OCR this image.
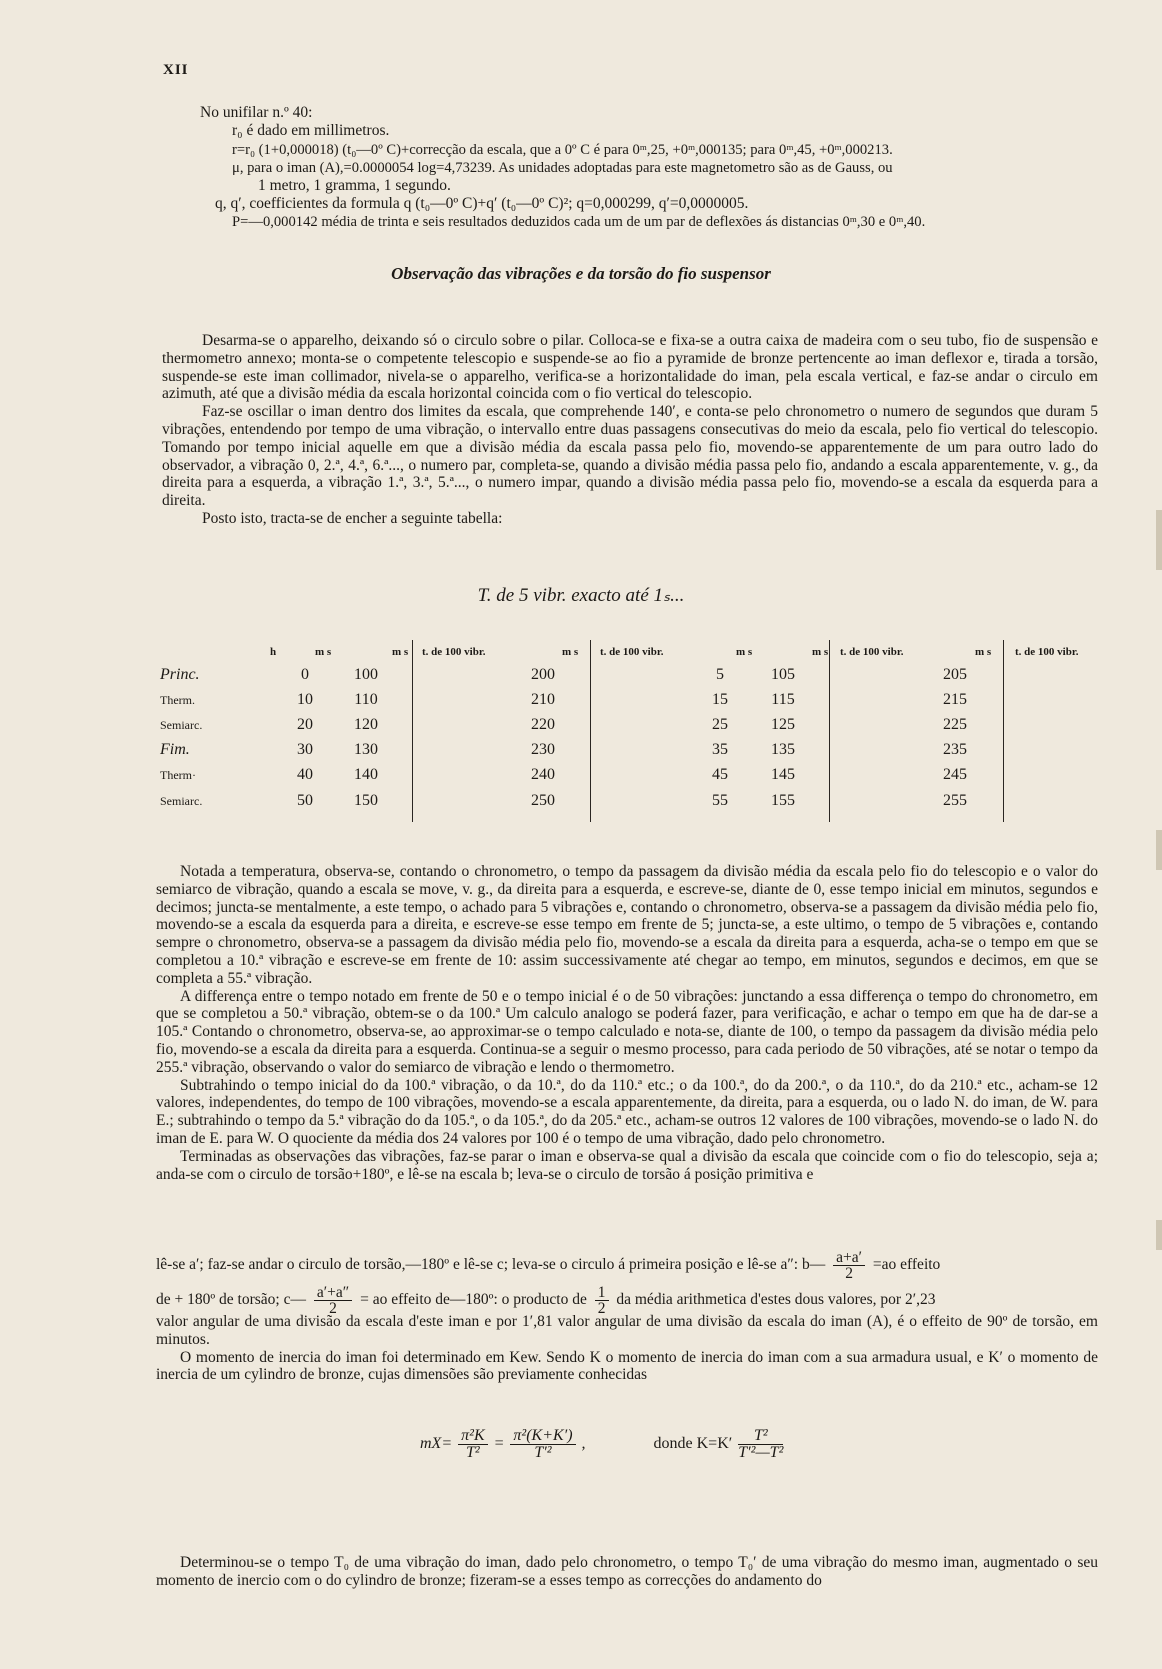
XII
No unifilar n.º 40:
r₀ é dado em millimetros.
r=r₀ (1+0,000018) (t₀—0º C)+correcção da escala, que a 0º C é para 0ᵐ,25, +0ᵐ,000135; para 0ᵐ,45, +0ᵐ,000213.
μ, para o iman (A),=0.0000054 log=4,73239. As unidades adoptadas para este magnetometro são as de Gauss, ou
1 metro, 1 gramma, 1 segundo.
q, q′, coefficientes da formula q (t₀—0º C)+q′ (t₀—0º C)²; q=0,000299, q′=0,0000005.
P=—0,000142 média de trinta e seis resultados deduzidos cada um de um par de deflexões ás distancias 0ᵐ,30 e 0ᵐ,40.
Observação das vibrações e da torsão do fio suspensor

Desarma-se o apparelho, deixando só o circulo sobre o pilar. Colloca-se e fixa-se a outra caixa de madeira com o seu tubo, fio de suspensão e thermometro annexo; monta-se o competente telescopio e suspende-se ao fio a pyramide de bronze pertencente ao iman deflexor e, tirada a torsão, suspende-se este iman collimador, nivela-se o apparelho, verifica-se a horizontalidade do iman, pela escala vertical, e faz-se andar o circulo em azimuth, até que a divisão média da escala horizontal coincida com o fio vertical do telescopio.

Faz-se oscillar o iman dentro dos limites da escala, que comprehende 140′, e conta-se pelo chronometro o numero de segundos que duram 5 vibrações, entendendo por tempo de uma vibração, o intervallo entre duas passagens consecutivas do meio da escala, pelo fio vertical do telescopio. Tomando por tempo inicial aquelle em que a divisão média da escala passa pelo fio, movendo-se apparentemente de um para outro lado do observador, a vibração 0, 2.ª, 4.ª, 6.ª..., o numero par, completa-se, quando a divisão média passa pelo fio, andando a escala apparentemente, v. g., da direita para a esquerda, a vibração 1.ª, 3.ª, 5.ª..., o numero impar, quando a divisão média passa pelo fio, movendo-se a escala da esquerda para a direita.

Posto isto, tracta-se de encher a seguinte tabella:

T. de 5 vibr. exacto até 1ₛ...
h	m s	m s t. de 100 vibr.	m s t. de 100 vibr.	m s	m s t. de 100 vibr.	m s t. de 100 vibr.
Princ.	0	100	200	5	105	205
Therm.	10	110	210	15	115	215
Semiarc.	20	120	220	25	125	225
Fim.	30	130	230	35	135	235
Therm·	40	140	240	45	145	245
Semiarc.	50	150	250	55	155	255

Notada a temperatura, observa-se, contando o chronometro, o tempo da passagem da divisão média da escala pelo fio do telescopio e o valor do semiarco de vibração, quando a escala se move, v. g., da direita para a esquerda, e escreve-se, diante de 0, esse tempo inicial em minutos, segundos e decimos; juncta-se mentalmente, a este tempo, o achado para 5 vibrações e, contando o chronometro, observa-se a passagem da divisão média pelo fio, movendo-se a escala da esquerda para a direita, e escreve-se esse tempo em frente de 5; juncta-se, a este ultimo, o tempo de 5 vibrações e, contando sempre o chronometro, observa-se a passagem da divisão média pelo fio, movendo-se a escala da direita para a esquerda, acha-se o tempo em que se completou a 10.ª vibração e escreve-se em frente de 10: assim successivamente até chegar ao tempo, em minutos, segundos e decimos, em que se completa a 55.ª vibração.

A differença entre o tempo notado em frente de 50 e o tempo inicial é o de 50 vibrações: junctando a essa differença o tempo do chronometro, em que se completou a 50.ª vibração, obtem-se o da 100.ª Um calculo analogo se poderá fazer, para verificação, e achar o tempo em que ha de dar-se a 105.ª Contando o chronometro, observa-se, ao approximar-se o tempo calculado e nota-se, diante de 100, o tempo da passagem da divisão média pelo fio, movendo-se a escala da direita para a esquerda. Continua-se a seguir o mesmo processo, para cada periodo de 50 vibrações, até se notar o tempo da 255.ª vibração, observando o valor do semiarco de vibração e lendo o thermometro.

Subtrahindo o tempo inicial do da 100.ª vibração, o da 10.ª, do da 110.ª etc.; o da 100.ª, do da 200.ª, o da 110.ª, do da 210.ª etc., acham-se 12 valores, independentes, do tempo de 100 vibrações, movendo-se a escala apparentemente, da direita, para a esquerda, ou o lado N. do iman, de W. para E.; subtrahindo o tempo da 5.ª vibração do da 105.ª, o da 105.ª, do da 205.ª etc., acham-se outros 12 valores de 100 vibrações, movendo-se o lado N. do iman de E. para W. O quociente da média dos 24 valores por 100 é o tempo de uma vibração, dado pelo chronometro.

Terminadas as observações das vibrações, faz-se parar o iman e observa-se qual a divisão da escala que coincide com o fio do telescopio, seja a; anda-se com o circulo de torsão+180º, e lê-se na escala b; leva-se o circulo de torsão á posição primitiva e

lê-se a′; faz-se andar o circulo de torsão,—180º e lê-se c; leva-se o circulo á primeira posição e lê-se a″: b— $\frac{a+a'}{2} =ao$ effeito
de + 180º de torsão; c— $\frac{a'+a''}{2}$ = ao effeito de—180º: o producto de $\frac{1}{2}$ da média arithmetica d'estes dous valores, por 2′,23

valor angular de uma divisão da escala d'este iman e por 1′,81 valor angular de uma divisão da escala do iman (A), é o effeito de 90º de torsão, em minutos.

O momento de inercia do iman foi determinado em Kew. Sendo K o momento de inercia do iman com a sua armadura usual, e K′ o momento de inercia de um cylindro de bronze, cujas dimensões são previamente conhecidas

$mX= \frac{\text{π²K}}{\text{T²}} = \frac{\text{π²(K+K′)}}{\text{T′²}}$ ,	donde $K=K' \frac{\text{T²}}{\text{T′²—T²}}$

Determinou-se o tempo T₀ de uma vibração do iman, dado pelo chronometro, o tempo T₀′ de uma vibração do mesmo iman, augmentado o seu momento de inercio com o do cylindro de bronze; fizeram-se a esses tempo as correcções do andamento do
